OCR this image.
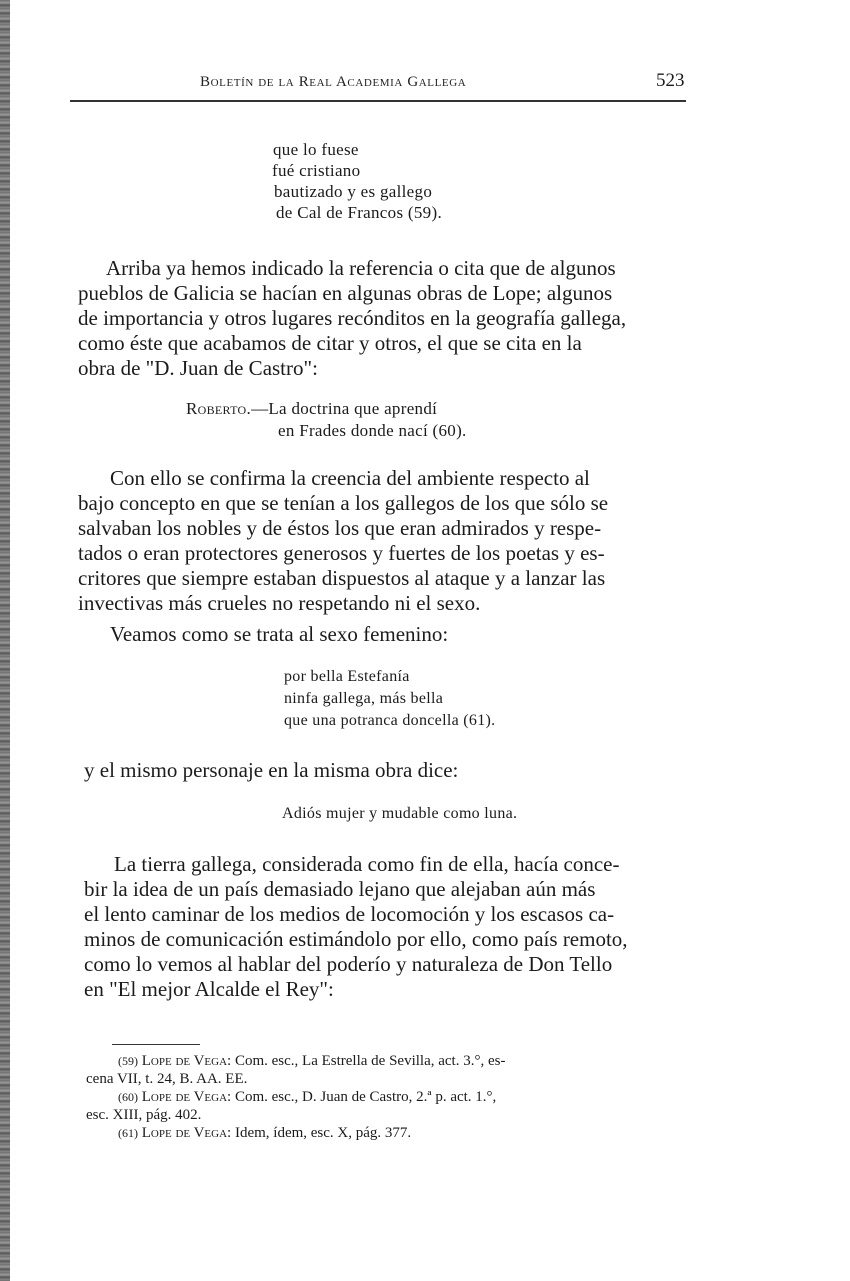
Boletín de la Real Academia Gallega	523
que lo fuese
fué cristiano
bautizado y es gallego
de Cal de Francos (59).
Arriba ya hemos indicado la referencia o cita que de algunos
pueblos de Galicia se hacían en algunas obras de Lope; algunos
de importancia y otros lugares recónditos en la geografía gallega,
como éste que acabamos de citar y otros, el que se cita en la
obra de "D. Juan de Castro":
Roberto.—La doctrina que aprendí
en Frades donde nací (60).
Con ello se confirma la creencia del ambiente respecto al
bajo concepto en que se tenían a los gallegos de los que sólo se
salvaban los nobles y de éstos los que eran admirados y respe-
tados o eran protectores generosos y fuertes de los poetas y es-
critores que siempre estaban dispuestos al ataque y a lanzar las
invectivas más crueles no respetando ni el sexo.
Veamos como se trata al sexo femenino:
por bella Estefanía
ninfa gallega, más bella
que una potranca doncella (61).
y el mismo personaje en la misma obra dice:
Adiós mujer y mudable como luna.
La tierra gallega, considerada como fin de ella, hacía conce-
bir la idea de un país demasiado lejano que alejaban aún más
el lento caminar de los medios de locomoción y los escasos ca-
minos de comunicación estimándolo por ello, como país remoto,
como lo vemos al hablar del poderío y naturaleza de Don Tello
en "El mejor Alcalde el Rey":
(59) Lope de Vega: Com. esc., La Estrella de Sevilla, act. 3.°, es-
cena VII, t. 24, B. AA. EE.
(60) Lope de Vega: Com. esc., D. Juan de Castro, 2.ª p. act. 1.°,
esc. XIII, pág. 402.
(61) Lope de Vega: Idem, ídem, esc. X, pág. 377.
